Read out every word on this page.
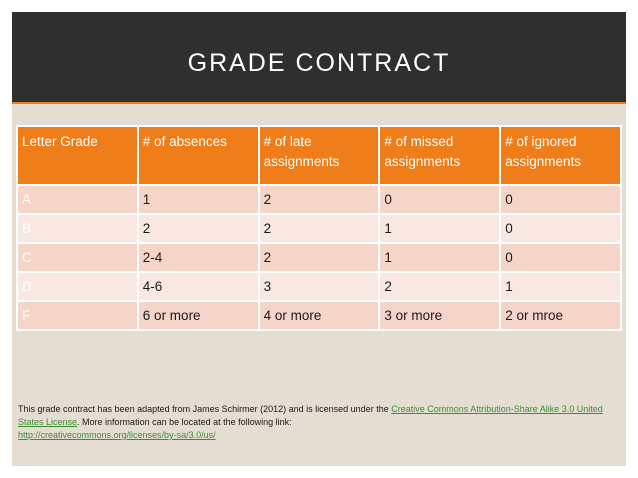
GRADE CONTRACT
Letter Grade	# of absences	# of late assignments	# of missed assignments	# of ignored assignments
A	1	2	0	0
B	2	2	1	0
C	2-4	2	1	0
D	4-6	3	2	1
F	6 or more	4 or more	3 or more	2 or mroe
This grade contract has been adapted from James Schirmer (2012) and is licensed under the Creative Commons Attribution-Share Alike 3.0 United States License. More information can be located at the following link:
http://creativecommons.org/licenses/by-sa/3.0/us/
